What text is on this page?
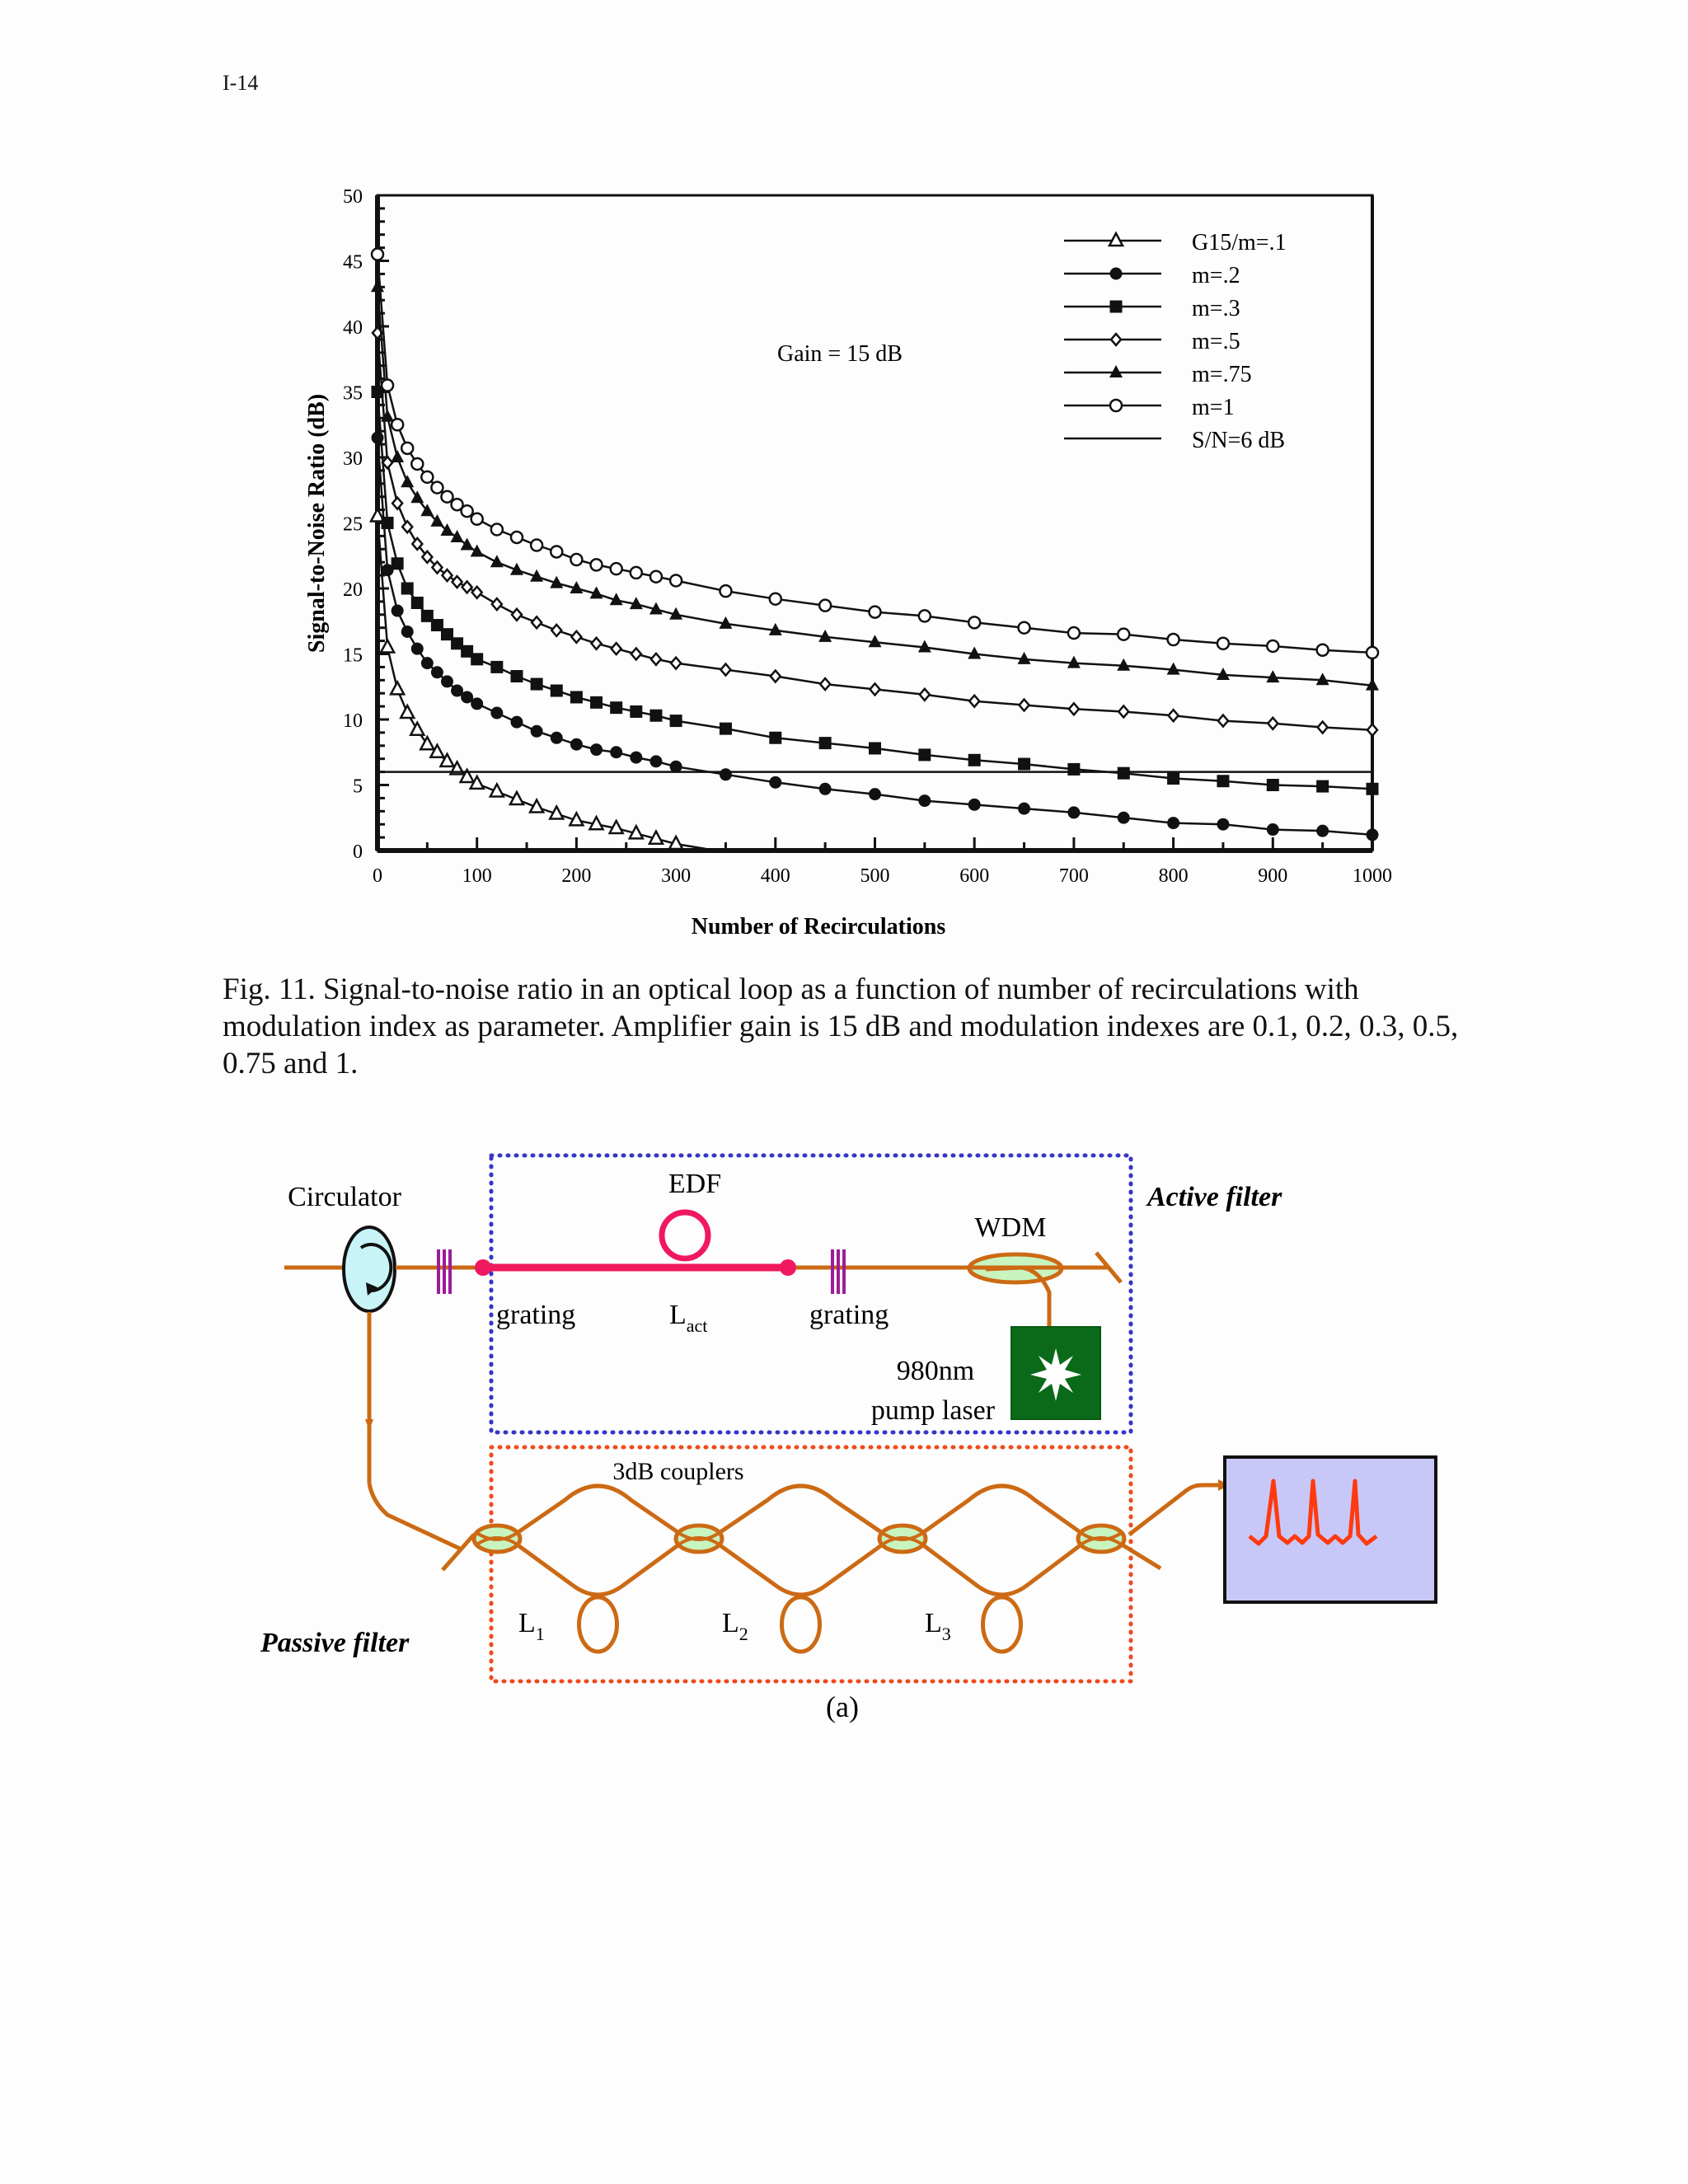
I-14
0
5
10
15
20
25
30
35
40
45
50
0	100	200	300	400	500	600	700	800	900	1000
G15/m=.1
m=.2
m=.3
m=.5
m=.75
m=1
S/N=6 dB
Gain = 15 dB
Number of Recirculations
Signal-to-Noise Ratio (dB)
Fig. 11. Signal-to-noise ratio in an optical loop as a function of number of recirculations with modulation index as parameter. Amplifier gain is 15 dB and modulation indexes are 0.1, 0.2, 0.3, 0.5, 0.75 and 1.
Circulator	EDF
WDM
Active filter
grating	grating
$L_{act}$
980nm
pump laser
3dB couplers
Passive filter
$L_1$	$L_2$	$L_3$
(a)
